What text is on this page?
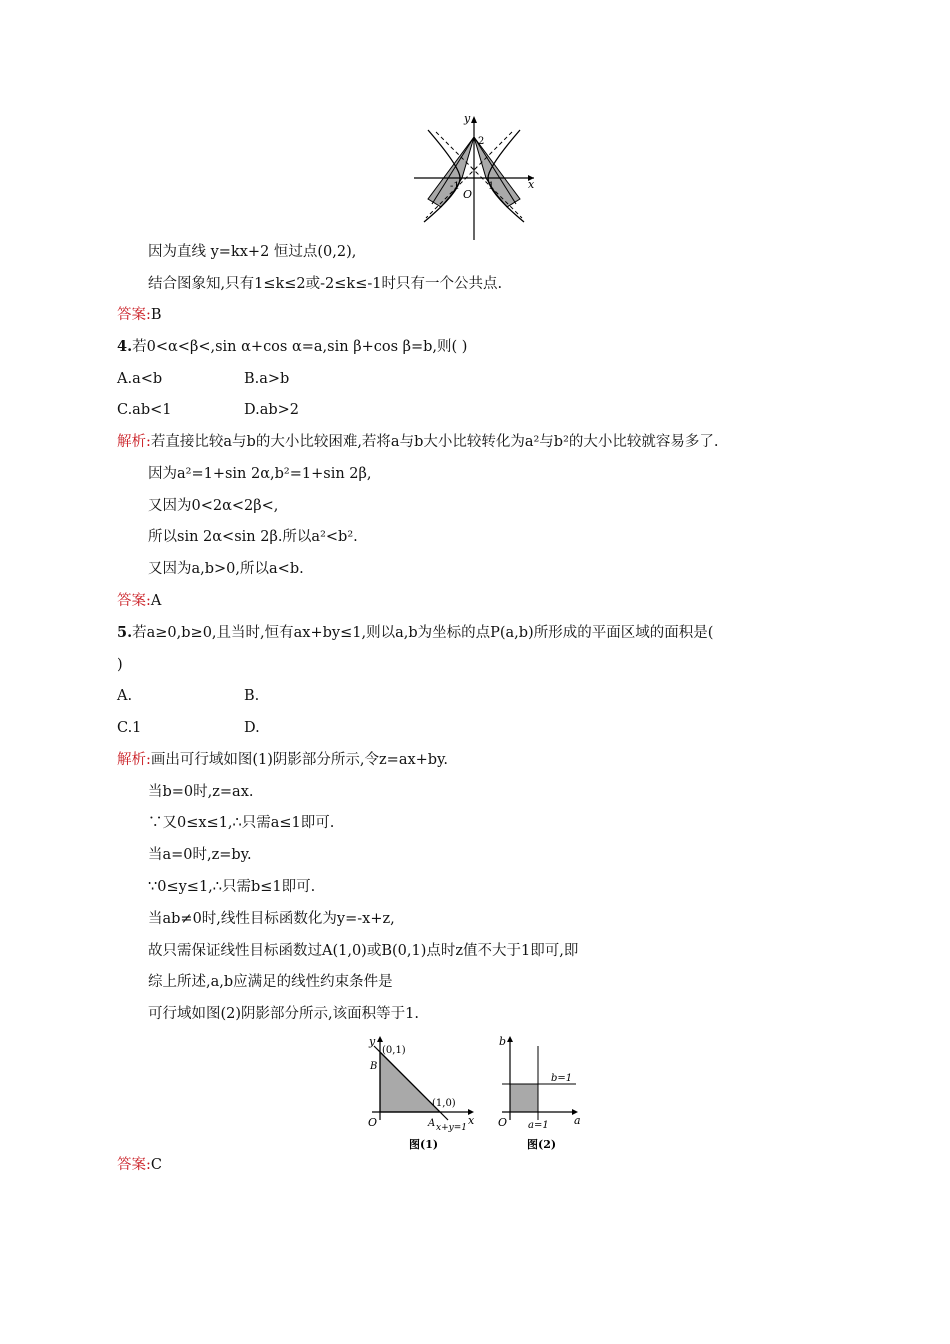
y
x
2
-1	1
O
因为直线 y=kx+2 恒过点(0,2),
结合图象知,只有1≤k≤2或-2≤k≤-1时只有一个公共点.
答案:B
4.若0<α<β<,sin α+cos α=a,sin β+cos β=b,则( )
A.a<b	B.a>b
C.ab<1	D.ab>2
解析:若直接比较a与b的大小比较困难,若将a与b大小比较转化为a²与b²的大小比较就容易多了.
因为a²=1+sin 2α,b²=1+sin 2β,
又因为0<2α<2β<,
所以sin 2α<sin 2β.所以a²<b².
又因为a,b>0,所以a<b.
答案:A
5.若a≥0,b≥0,且当时,恒有ax+by≤1,则以a,b为坐标的点P(a,b)所形成的平面区域的面积是(
)
A.	B.
C.1	D.
解析:画出可行域如图(1)阴影部分所示,令z=ax+by.
当b=0时,z=ax.
∵又0≤x≤1,∴只需a≤1即可.
当a=0时,z=by.
∵0≤y≤1,∴只需b≤1即可.
当ab≠0时,线性目标函数化为y=-x+z,
故只需保证线性目标函数过A(1,0)或B(0,1)点时z值不大于1即可,即
综上所述,a,b应满足的线性约束条件是
可行域如图(2)阴影部分所示,该面积等于1.
y
(0,1)
B
(1,0)
x
O	A x+y=1
图(1)
b
b=1
a
O a=1
图(2)
答案:C
